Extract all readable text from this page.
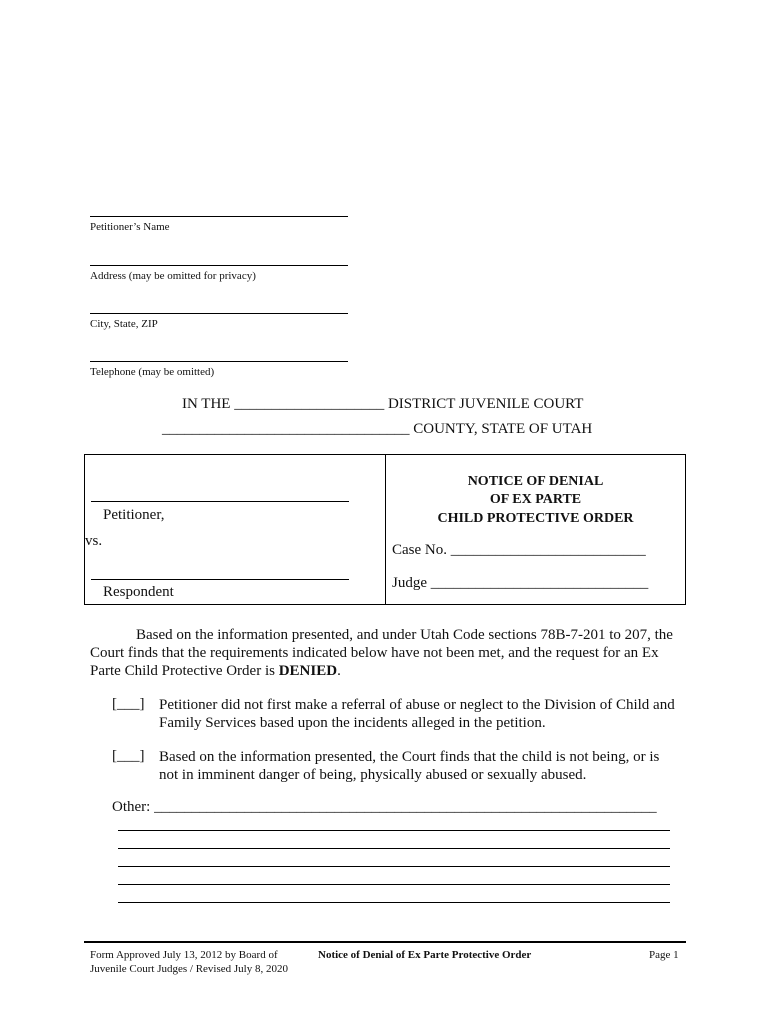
Petitioner’s Name
Address (may be omitted for privacy)
City, State, ZIP
Telephone (may be omitted)
IN THE ____________________ DISTRICT JUVENILE COURT
_________________________________ COUNTY, STATE OF UTAH
Petitioner,
vs.
Respondent
NOTICE OF DENIAL
OF EX PARTE
CHILD PROTECTIVE ORDER
Case No. __________________________
Judge _____________________________
Based on the information presented, and under Utah Code sections 78B-7-201 to 207, the
Court finds that the requirements indicated below have not been met, and the request for an Ex
Parte Child Protective Order is DENIED.
[___] Petitioner did not first make a referral of abuse or neglect to the Division of Child and
Family Services based upon the incidents alleged in the petition.
[___] Based on the information presented, the Court finds that the child is not being, or is
not in imminent danger of being, physically abused or sexually abused.
Other: ___________________________________________________________________
Form Approved July 13, 2012 by Board of
Juvenile Court Judges / Revised July 8, 2020
Notice of Denial of Ex Parte Protective Order	Page 1
